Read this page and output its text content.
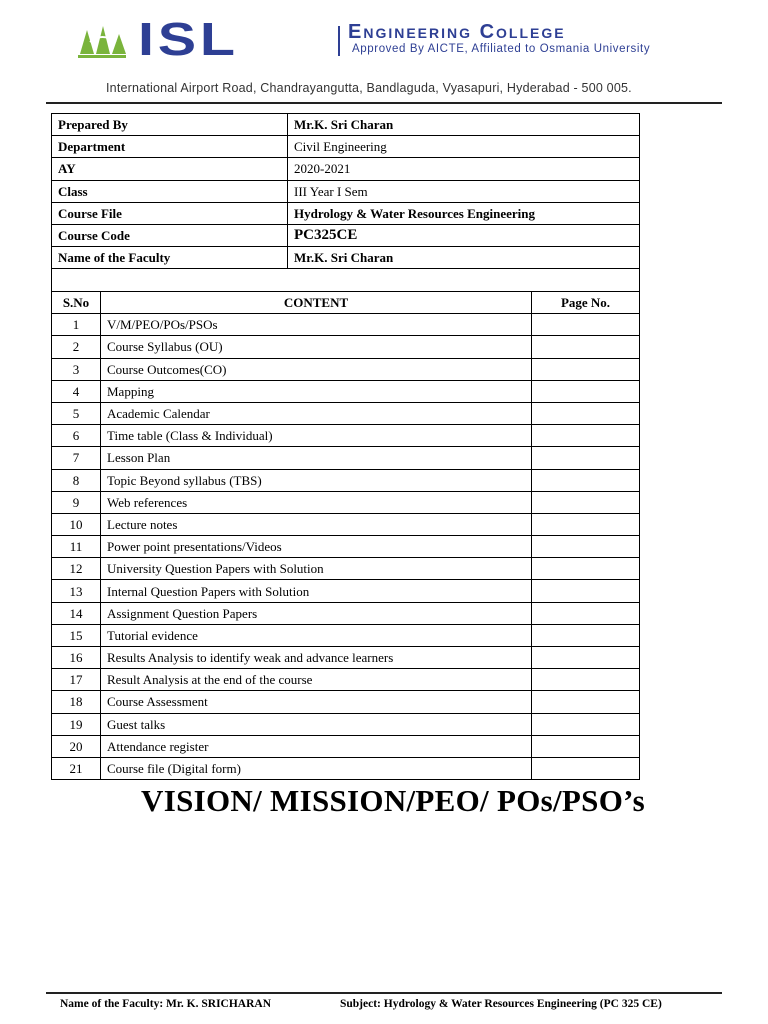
ISL	Engineering College
Approved By AICTE, Affiliated to Osmania University
International Airport Road, Chandrayangutta, Bandlaguda, Vyasapuri, Hyderabad - 500 005.
Prepared By	Mr.K. Sri Charan
Department	Civil Engineering
AY	2020-2021
Class	III Year I Sem
Course File	Hydrology & Water Resources Engineering
Course Code	PC325CE
Name of the Faculty	Mr.K. Sri Charan

S.No	CONTENT	Page No.
1	V/M/PEO/POs/PSOs	
2	Course Syllabus (OU)	
3	Course Outcomes(CO)	
4	Mapping	
5	Academic Calendar	
6	Time table (Class & Individual)	
7	Lesson Plan	
8	Topic Beyond syllabus (TBS)	
9	Web references	
10	Lecture notes	
11	Power point presentations/Videos	
12	University Question Papers with Solution	
13	Internal Question Papers with Solution	
14	Assignment Question Papers	
15	Tutorial evidence	
16	Results Analysis to identify weak and advance learners	
17	Result Analysis at the end of the course	
18	Course Assessment	
19	Guest talks	
20	Attendance register	
21	Course file (Digital form)	
VISION/ MISSION/PEO/ POs/PSO’s
Name of the Faculty: Mr. K. SRICHARAN	Subject: Hydrology & Water Resources Engineering (PC 325 CE)
